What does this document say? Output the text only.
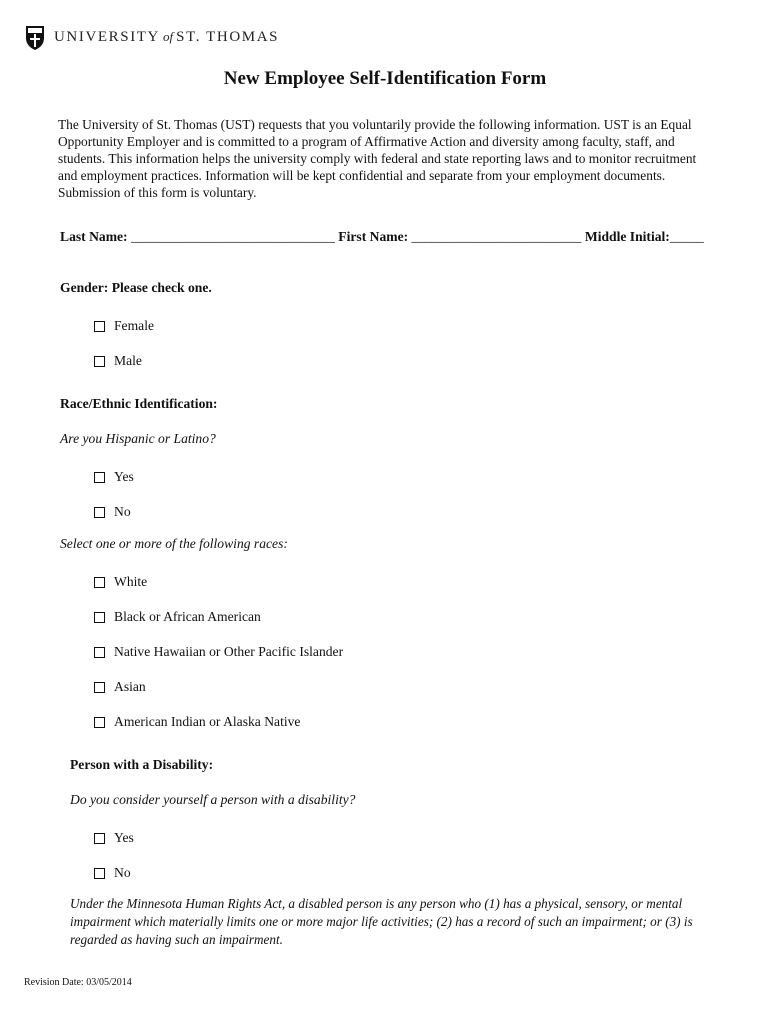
UNIVERSITY of ST. THOMAS
New Employee Self-Identification Form

The University of St. Thomas (UST) requests that you voluntarily provide the following information. UST is an Equal Opportunity Employer and is committed to a program of Affirmative Action and diversity among faculty, staff, and students. This information helps the university comply with federal and state reporting laws and to monitor recruitment and employment practices. Information will be kept confidential and separate from your employment documents. Submission of this form is voluntary.

Last Name: ______________________________ First Name: _________________________ Middle Initial:_____

Gender: Please check one.

Female
Male

Race/Ethnic Identification:

Are you Hispanic or Latino?

Yes
No

Select one or more of the following races:

White
Black or African American
Native Hawaiian or Other Pacific Islander
Asian
American Indian or Alaska Native

Person with a Disability:

Do you consider yourself a person with a disability?

Yes
No

Under the Minnesota Human Rights Act, a disabled person is any person who (1) has a physical, sensory, or mental impairment which materially limits one or more major life activities; (2) has a record of such an impairment; or (3) is regarded as having such an impairment.

Revision Date: 03/05/2014
